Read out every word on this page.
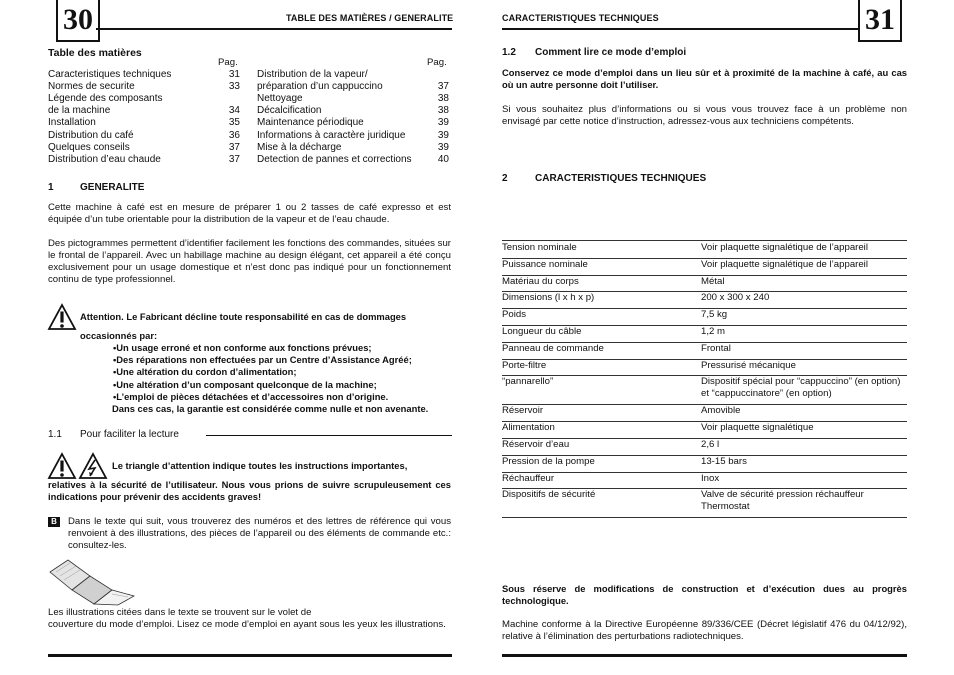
30	TABLE DES MATIÈRES / GENERALITE
Table des matières
Pag.	Pag.
Caracteristiques techniques	31
Normes de securite	33
Légende des composants
de la machine	34
Installation	35
Distribution du café	36
Quelques conseils	37
Distribution d’eau chaude	37
Distribution de la vapeur/
préparation d’un cappuccino	37
Nettoyage	38
Décalcification	38
Maintenance périodique	39
Informations à caractère juridique	39
Mise à la décharge	39
Detection de pannes et corrections	40
1	GENERALITE
Cette machine à café est en mesure de préparer 1 ou 2 tasses de café expresso et est équipée d’un tube orientable pour la distribution de la vapeur et de l’eau chaude.
Des pictogrammes permettent d’identifier facilement les fonctions des commandes, situées sur le frontal de l’appareil. Avec un habillage machine au design élégant, cet appareil a été conçu exclusivement pour un usage domestique et n’est donc pas indiqué pour un fonctionnement continu de type professionnel.
Attention. Le Fabricant décline toute responsabilité en cas de dommages
occasionnés par:
•Un usage erroné et non conforme aux fonctions prévues;
•Des réparations non effectuées par un Centre d’Assistance Agréé;
•Une altération du cordon d’alimentation;
•Une altération d’un composant quelconque de la machine;
•L’emploi de pièces détachées et d’accessoires non d’origine.
Dans ces cas, la garantie est considérée comme nulle et non avenante.
1.1 Pour faciliter la lecture
Le triangle d’attention indique toutes les instructions importantes,
relatives à la sécurité de l’utilisateur. Nous vous prions de suivre scrupuleusement ces indications pour prévenir des accidents graves!
B	Dans le texte qui suit, vous trouverez des numéros et des lettres de référence qui vous renvoient à des illustrations, des pièces de l’appareil ou des éléments de commande etc.: consultez-les.
Les illustrations citées dans le texte se trouvent sur le volet de
couverture du mode d’emploi. Lisez ce mode d’emploi en ayant sous les yeux les illustrations.
CARACTERISTIQUES TECHNIQUES	31
1.2 Comment lire ce mode d’emploi
Conservez ce mode d’emploi dans un lieu sûr et à proximité de la machine à café, au cas où un autre personne doit l’utiliser.
Si vous souhaitez plus d’informations ou si vous vous trouvez face à un problème non envisagé par cette notice d’instruction, adressez-vous aux techniciens compétents.
2	CARACTERISTIQUES TECHNIQUES
Tension nominale	Voir plaquette signalétique de l’appareil
Puissance nominale	Voir plaquette signalétique de l’appareil
Matériau du corps	Métal
Dimensions (l x h x p)	200 x 300 x 240
Poids	7,5 kg
Longueur du câble	1,2 m
Panneau de commande	Frontal
Porte-filtre	Pressurisé mécanique
“pannarello”	Dispositif spécial pour “cappuccino” (en option) et “cappuccinatore” (en option)
Réservoir	Amovible
Alimentation	Voir plaquette signalétique
Réservoir d’eau	2,6 l
Pression de la pompe	13-15 bars
Réchauffeur	Inox
Dispositifs de sécurité	Valve de sécurité pression réchauffeur Thermostat
Sous réserve de modifications de construction et d’exécution dues au progrès technologique.
Machine conforme à la Directive Européenne 89/336/CEE (Décret législatif 476 du 04/12/92), relative à l’élimination des perturbations radiotechniques.
